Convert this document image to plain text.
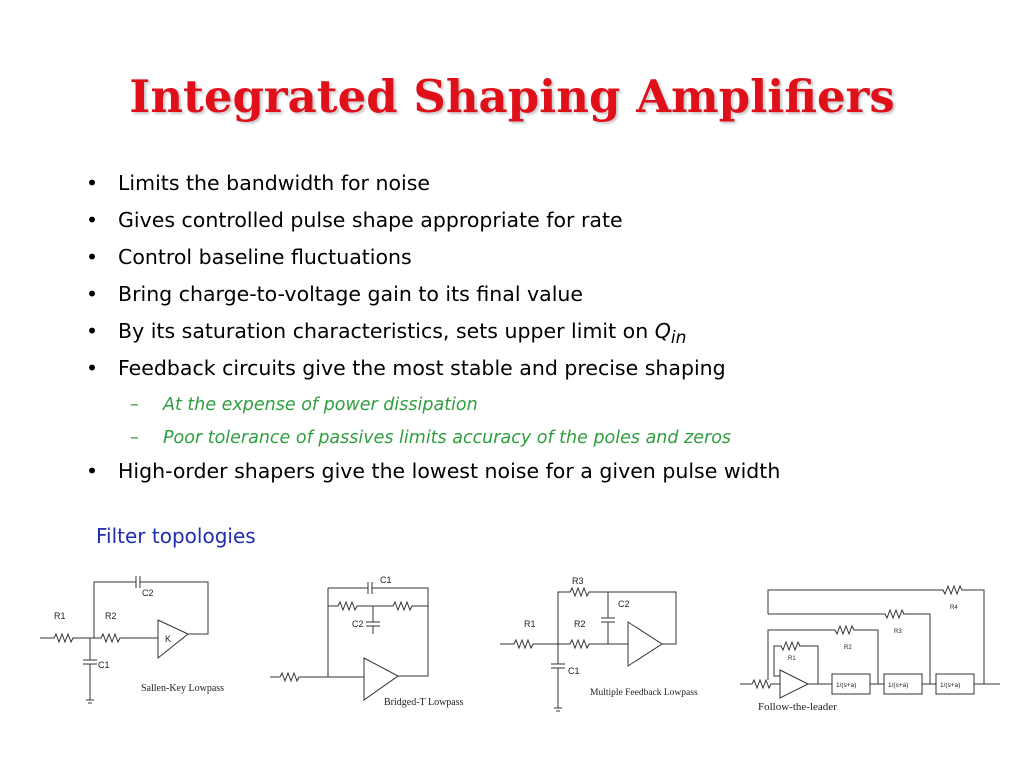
Integrated Shaping Amplifiers
• Limits the bandwidth for noise
• Gives controlled pulse shape appropriate for rate
• Control baseline fluctuations
• Bring charge-to-voltage gain to its final value
• By its saturation characteristics, sets upper limit on $Q_{in}$
• Feedback circuits give the most stable and precise shaping
– At the expense of power dissipation
– Poor tolerance of passives limits accuracy of the poles and zeros
• High-order shapers give the lowest noise for a given pulse width

Filter topologies

R1	R2
C2
C1
K
Sallen-Key Lowpass
C1
C2
Bridged-T Lowpass
R3
C2
R1	R2
C1
Multiple Feedback Lowpass
R1
R2
R3
R4
1/(s+a)	1/(s+a)	1/(s+a)
Follow-the-leader
